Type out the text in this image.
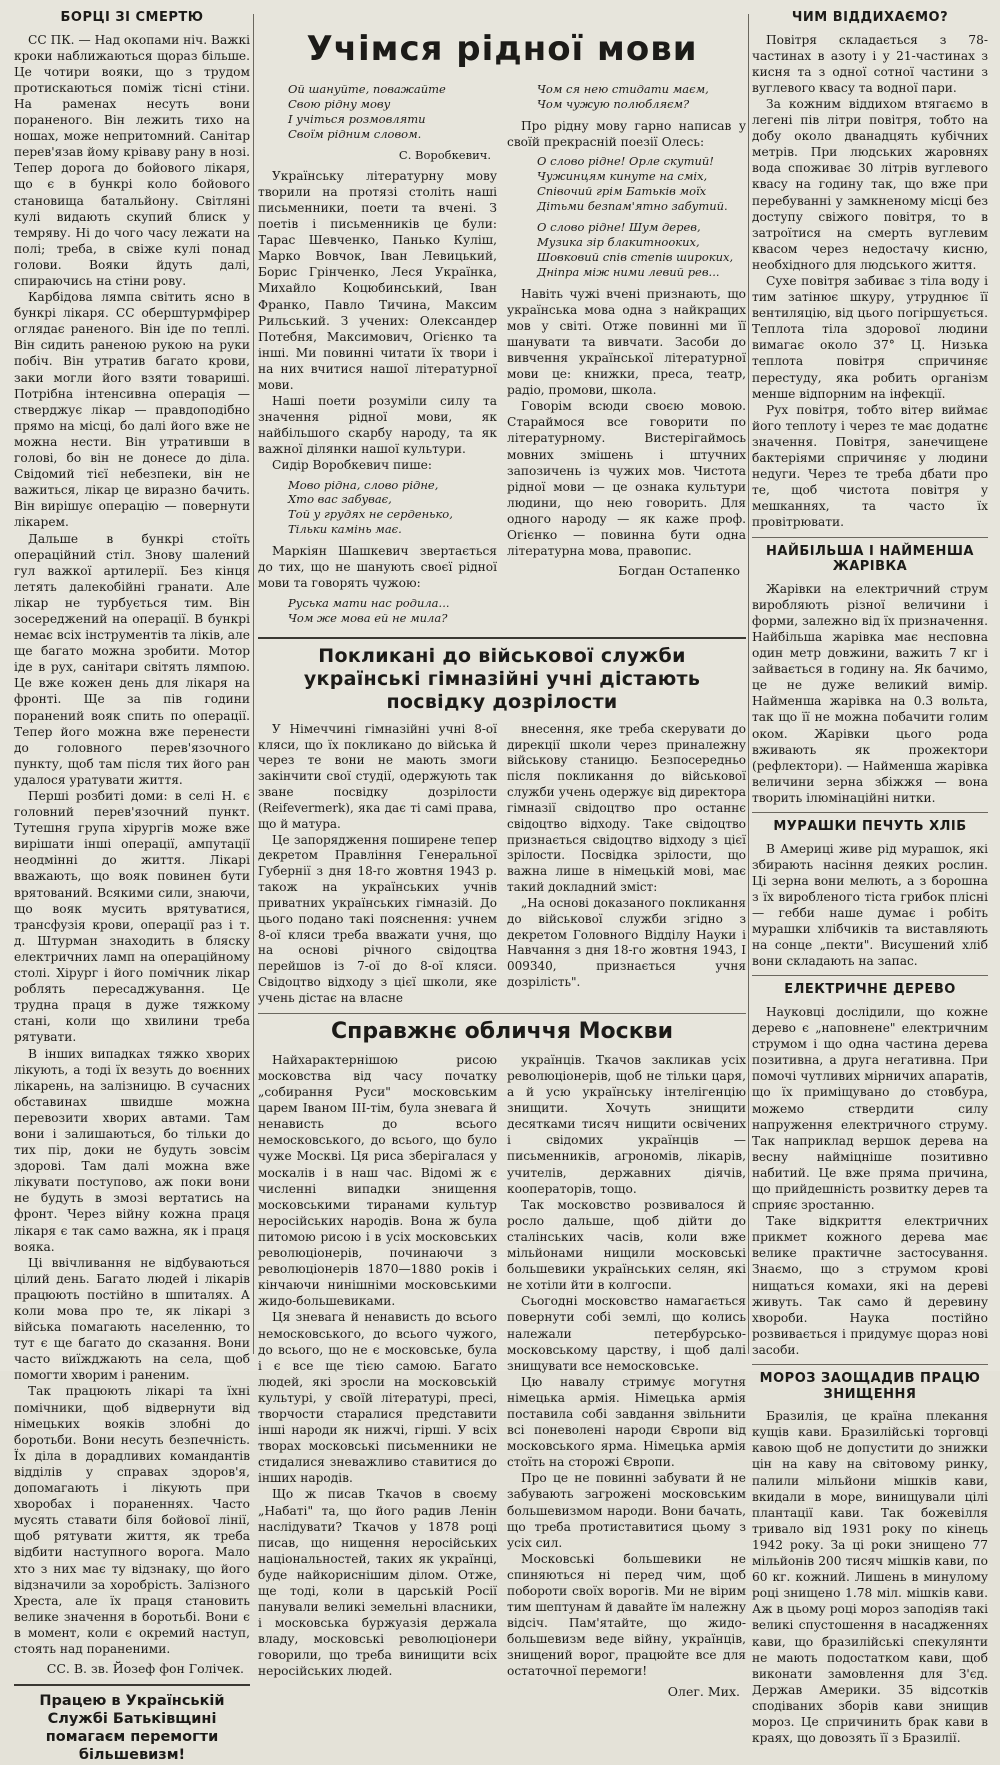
БОРЦІ ЗІ СМЕРТЮ

СС ПК. — Над окопами ніч. Важкі кроки наближаються щораз більше. Це чотири вояки, що з трудом протискаються поміж тісні стіни. На раменах несуть вони пораненого. Він лежить тихо на ношах, може непритомний. Санітар перев'язав йому кріваву рану в нозі. Тепер дорога до бойового лікаря, що є в бункрі коло бойового становища батальйону. Світляні кулі видають скупий блиск у темряву. Ні до чого часу лежати на полі; треба, в свіже кулі понад голови. Вояки йдуть далі, спираючись на стіни рову.

Карбідова лямпа світить ясно в бункрі лікаря. СС оберштурмфірер оглядає раненого. Він іде по теплі. Він сидить раненою рукою на руки побіч. Він утратив багато крови, заки могли його взяти товариші. Потрібна інтенсивна операція — стверджує лікар — правдоподібно прямо на місці, бо далі його вже не можна нести. Він утративши в голові, бо він не донесе до діла. Свідомий тієї небезпеки, він не важиться, лікар це виразно бачить. Він вирішує операцію — повернути лікарем.

Дальше в бункрі стоїть операційний стіл. Знову шалений гул важкої артилерії. Без кінця летять далекобійні гранати. Але лікар не турбується тим. Він зосереджений на операції. В бункрі немає всіх інструментів та ліків, але ще багато можна зробити. Мотор іде в рух, санітари світять лямпою. Це вже кожен день для лікаря на фронті. Ще за пів години поранений вояк спить по операції. Тепер його можна вже перенести до головного перев'язочного пункту, щоб там після тих його ран удалося уратувати життя.

Перші розбиті доми: в селі Н. є головний перев'язочний пункт. Тутешня група хірургів може вже вирішати інші операції, ампутації неодмінні до життя. Лікарі вважають, що вояк повинен бути врятований. Всякими сили, знаючи, що вояк мусить врятуватися, трансфузія крови, операції раз і т. д. Штурман знаходить в бляску електричних ламп на операційному столі. Хірург і його помічник лікар роблять пересаджування. Це трудна праця в дуже тяжкому стані, коли що хвилини треба рятувати.

В інших випадках тяжко хворих лікують, а тоді їх везуть до воєнних лікарень, на залізницю. В сучасних обставинах швидше можна перевозити хворих автами. Там вони і залишаються, бо тільки до тих пір, доки не будуть зовсім здорові. Там далі можна вже лікувати поступово, аж поки вони не будуть в змозі вертатись на фронт. Через війну кожна праця лікаря є так само важна, як і праця вояка.

Ці ввічливання не відбуваються цілий день. Багато людей і лікарів працюють постійно в шпиталях. А коли мова про те, як лікарі з війська помагають населенню, то тут є ще багато до сказання. Вони часто виїжджають на села, щоб помогти хворим і раненим.

Так працюють лікарі та їхні помічники, щоб відвернути від німецьких вояків злобні до боротьби. Вони несуть безпечність. Їх діла в дорадливих командантів відділів у справах здоров'я, допомагають і лікують при хворобах і пораненнях. Часто мусять ставати біля бойової лінії, щоб рятувати життя, як треба відбити наступного ворога. Мало хто з них має ту відзнаку, що його відзначили за хоробрість. Залізного Хреста, але їх праця становить велике значення в боротьбі. Вони є в момент, коли є окремий наступ, стоять над пораненими.

СС. В. зв. Йозеф фон Голічек.
Працею в Українській Службі Батьківщині помагаєм перемогти більшевизм!
Учімся рідної мови
Ой шануйте, поважайте
Свою рідну мову
І учіться розмовляти
Своїм рідним словом.
С. Воробкевич.

Українську літературну мову творили на протязі століть наші письменники, поети та вчені. З поетів і письменників це були: Тарас Шевченко, Панько Куліш, Марко Вовчок, Іван Левицький, Борис Грінченко, Леся Українка, Михайло Коцюбинський, Іван Франко, Павло Тичина, Максим Рильський. З учених: Олександер Потебня, Максимович, Огієнко та інші. Ми повинні читати їх твори і на них вчитися нашої літературної мови.

Наші поети розуміли силу та значення рідної мови, як найбільшого скарбу народу, та як важної ділянки нашої культури.

Сидір Воробкевич пише:

Мово рідна, слово рідне,
Хто вас забуває,
Той у грудях не серденько,
Тільки камінь має.

Маркіян Шашкевич звертається до тих, що не шанують своєї рідної мови та говорять чужою:

Руська мати нас родила...
Чом же мова ей не мила?
Чом ся нею стидати маєм,
Чом чужую полюбляєм?

Про рідну мову гарно написав у своїй прекрасній поезії Олесь:

О слово рідне! Орле скутий!
Чужинцям кинуте на сміх,
Співочий грім Батьків моїх
Дітьми безпам'ятно забутий.
О слово рідне! Шум дерев,
Музика зір блакитнооких,
Шовковий спів степів широких,
Дніпра між ними левий рев...

Навіть чужі вчені признають, що українська мова одна з найкращих мов у світі. Отже повинні ми її шанувати та вивчати. Засоби до вивчення української літературної мови це: книжки, преса, театр, радіо, промови, школа.

Говорім всюди своєю мовою. Стараймося все говорити по літературному. Вистерігаймось мовних змішень і штучних запозичень із чужих мов. Чистота рідної мови — це ознака культури людини, що нею говорить. Для одного народу — як каже проф. Огієнко — повинна бути одна літературна мова, правопис.

Богдан Остапенко
Покликані до військової служби українські гімназійні учні дістають посвідку дозрілости

У Німеччині гімназійні учні 8-ої кляси, що їх покликано до війська й через те вони не мають змоги закінчити свої студії, одержують так зване посвідку дозрілости (Reifevermerk), яка дає ті самі права, що й матура.

Це запорядження поширене тепер декретом Правління Генеральної Губернії з дня 18-го жовтня 1943 р. також на українських учнів приватних українських гімназій. До цього подано такі пояснення: учнем 8-ої кляси треба вважати учня, що на основі річного свідоцтва перейшов із 7-ої до 8-ої кляси. Свідоцтво відходу з цієї школи, яке учень дістає на власне

внесення, яке треба скерувати до дирекції школи через приналежну військову станицю. Безпосередньо після покликання до військової служби учень одержує від директора гімназії свідоцтво про останнє свідоцтво відходу. Таке свідоцтво признається свідоцтво відходу з цієї зрілости. Посвідка зрілости, що важна лише в німецькій мові, має такий докладний зміст:

„На основі доказаного покликання до військової служби згідно з декретом Головного Відділу Науки і Навчання з дня 18-го жовтня 1943, І 009340, признається учня дозрілість".

Справжнє обличчя Москви

Найхарактернішою рисою московства від часу початку „собирання Руси" московським царем Іваном ІІІ-тім, була зневага й ненависть до всього немосковського, до всього, що було чуже Москві. Ця риса зберігалася у москалів і в наш час. Відомі ж є численні випадки знищення московськими тиранами культур неросійських народів. Вона ж була питомою рисою і в усіх московських революціонерів, починаючи з революціонерів 1870—1880 років і кінчаючи нинішніми московськими жидо-большевиками.

Ця зневага й ненависть до всього немосковського, до всього чужого, до всього, що не є московське, була і є все ще тією самою. Багато людей, які зросли на московській культурі, у своїй літературі, пресі, творчости старалися представити інші народи як нижчі, гірші. У всіх творах московські письменники не стидалися зневажливо ставитися до інших народів.

Що ж писав Ткачов в своєму „Набаті" та, що його радив Ленін наслідувати? Ткачов у 1878 році писав, що нищення неросійських національностей, таких як українці, буде найкориснішим ділом. Отже, ще тоді, коли в царській Росії панували великі земельні власники, і московська буржуазія держала владу, московські революціонери говорили, що треба винищити всіх неросійських людей.

українців. Ткачов закликав усіх революціонерів, щоб не тільки царя, а й усю українську інтелігенцію знищити. Хочуть знищити десятками тисяч нищити освічених і свідомих українців — письменників, агрономів, лікарів, учителів, державних діячів, кооператорів, тощо.

Так московство розвивалося й росло дальше, щоб дійти до сталінських часів, коли вже мільйонами нищили московські большевики українських селян, які не хотіли йти в колгоспи.

Сьогодні московство намагається повернути собі землі, що колись належали петербурсько-московському царству, і щоб далі знищувати все немосковське.

Цю навалу стримує могутня німецька армія. Німецька армія поставила собі завдання звільнити всі поневолені народи Європи від московського ярма. Німецька армія стоїть на сторожі Європи.

Про це не повинні забувати й не забувають загрожені московським большевизмом народи. Вони бачать, що треба протиставитися цьому з усіх сил.

Московські большевики не спиняються ні перед чим, щоб побороти своїх ворогів. Ми не вірим тим шептунам й давайте їм належну відсіч. Пам'ятайте, що жидо-большевизм веде війну, українців, знищений ворог, працюйте все для остаточної перемоги!

Олег. Мих.
ЧИМ ВІДДИХАЄМО?

Повітря складається з 78-частинах в азоту і у 21-частинах з кисня та з одної сотної частини з вуглевого квасу та водної пари.

За кожним віддихом втягаємо в легені пів літри повітря, тобто на добу около дванадцять кубічних метрів. При людських жаровнях вода споживає 30 літрів вуглевого квасу на годину так, що вже при перебуванні у замкненому місці без доступу свіжого повітря, то в затроїтися на смерть вуглевим квасом через недостачу кисню, необхідного для людського життя.

Сухе повітря забиває з тіла воду і тим затінює шкуру, утруднює її вентиляцію, від цього погіршується. Теплота тіла здорової людини вимагає около 37° Ц. Низька теплота повітря спричиняє перестуду, яка робить організм менше відпорним на інфекції.

Рух повітря, тобто вітер виймає його теплоту і через те має додатнє значення. Повітря, занечищене бактеріями спричиняє у людини недуги. Через те треба дбати про те, щоб чистота повітря у мешканнях, та часто їх провітрювати.

НАЙБІЛЬША І НАЙМЕНША ЖАРІВКА

Жарівки на електричний струм виробляють різної величини і форми, залежно від їх призначення. Найбільша жарівка має несповна один метр довжини, важить 7 кг і зайвається в годину на. Як бачимо, це не дуже великий вимір. Найменша жарівка на 0.3 вольта, так що її не можна побачити голим оком. Жарівки цього рода вживають як прожектори (рефлектори). — Найменша жарівка величини зерна збіжжя — вона творить ілюмінаційні нитки.

МУРАШКИ ПЕЧУТЬ ХЛІБ

В Америці живе рід мурашок, які збирають насіння деяких рослин. Ці зерна вони мелють, а з борошна з їх виробленого тіста грибок пліснi — гебби наше думає і робіть мурашки хлібчиків та виставляють на сонце „пекти". Висушений хліб вони складають на запас.

ЕЛЕКТРИЧНЕ ДЕРЕВО

Науковці дослідили, що кожне дерево є „наповнене" електричним струмом і що одна частина дерева позитивна, а друга негативна. При помочі чутливих мірничих апаратів, що їх приміщувано до стовбура, можемо ствердити силу напруження електричного струму. Так наприклад вершок дерева на весну найміцніше позитивно набитий. Це вже пряма причина, що прийдешність розвитку дерев та сприяє зростанню.

Таке відкриття електричних прикмет кожного дерева має велике практичне застосування. Знаємо, що з струмом крові нищаться комахи, які на дереві живуть. Так само й деревину хвороби. Наука постійно розвивається і придумує щораз нові засоби.

МОРОЗ ЗАОЩАДИВ ПРАЦЮ ЗНИЩЕННЯ

Бразилія, це країна плекання кущів кави. Бразилійські торговці кавою щоб не допустити до знижки цін на каву на світовому ринку, палили мільйони мішків кави, вкидали в море, винищували цілі плантації кави. Так божевілля тривало від 1931 року по кінець 1942 року. За ці роки знищено 77 мільйонів 200 тисяч мішків кави, по 60 кг. кожний. Лишень в минулому році знищено 1.78 міл. мішків кави. Аж в цьому році мороз заподіяв такі великі спустошення в насадженнях кави, що бразилійські спекулянти не мають подостатком кави, щоб виконати замовлення для З'єд. Держав Америки. 35 відсотків сподіваних зборів кави знищив мороз. Це спричинить брак кави в краях, що довозять її з Бразилії.
